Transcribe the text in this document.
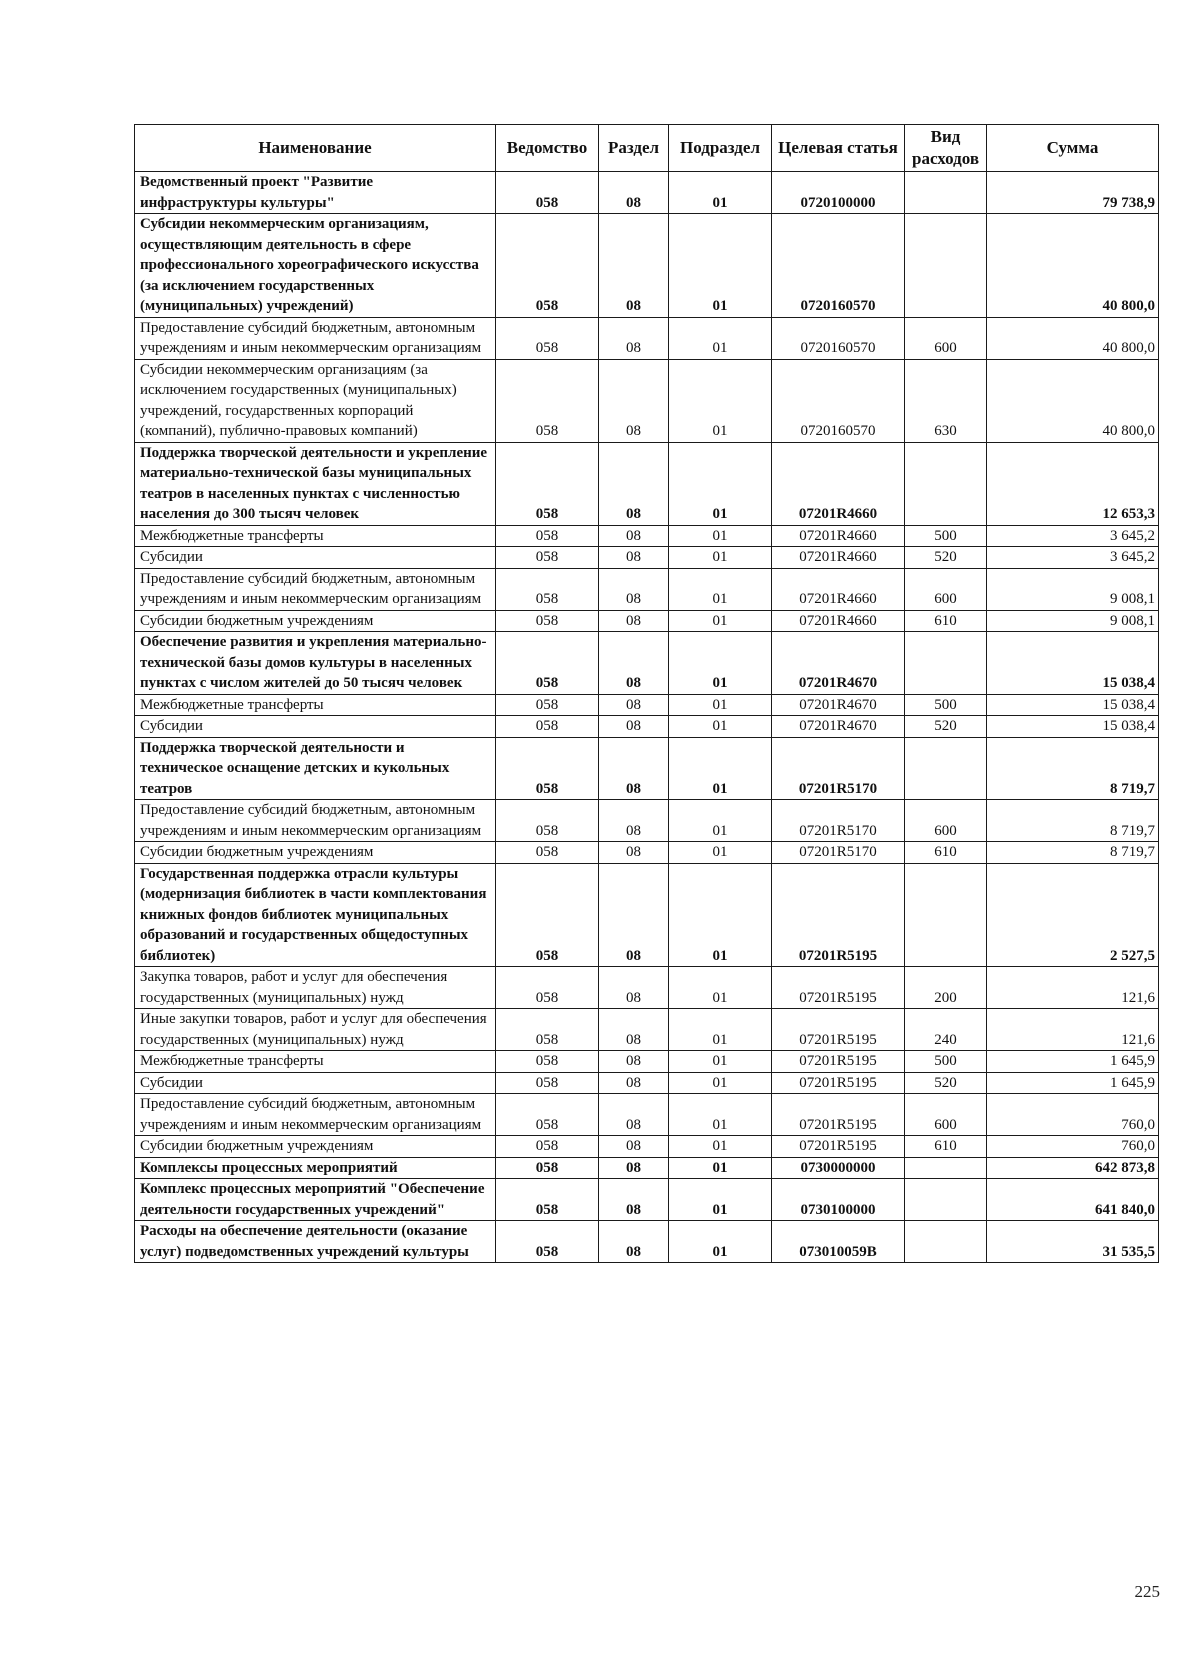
Наименование	Ведомство	Раздел	Подраздел	Целевая статья	Вид расходов	Сумма
Ведомственный проект "Развитие инфраструктуры культуры"	058	08	01	0720100000		79 738,9
Субсидии некоммерческим организациям, осуществляющим деятельность в сфере профессионального хореографического искусства (за исключением государственных (муниципальных) учреждений)	058	08	01	0720160570		40 800,0
Предоставление субсидий бюджетным, автономным учреждениям и иным некоммерческим организациям	058	08	01	0720160570	600	40 800,0
Субсидии некоммерческим организациям (за исключением государственных (муниципальных) учреждений, государственных корпораций (компаний), публично-правовых компаний)	058	08	01	0720160570	630	40 800,0
Поддержка творческой деятельности и укрепление материально-технической базы муниципальных театров в населенных пунктах с численностью населения до 300 тысяч человек	058	08	01	07201R4660		12 653,3
Межбюджетные трансферты	058	08	01	07201R4660	500	3 645,2
Субсидии	058	08	01	07201R4660	520	3 645,2
Предоставление субсидий бюджетным, автономным учреждениям и иным некоммерческим организациям	058	08	01	07201R4660	600	9 008,1
Субсидии бюджетным учреждениям	058	08	01	07201R4660	610	9 008,1
Обеспечение развития и укрепления материально-технической базы домов культуры в населенных пунктах с числом жителей до 50 тысяч человек	058	08	01	07201R4670		15 038,4
Межбюджетные трансферты	058	08	01	07201R4670	500	15 038,4
Субсидии	058	08	01	07201R4670	520	15 038,4
Поддержка творческой деятельности и техническое оснащение детских и кукольных театров	058	08	01	07201R5170		8 719,7
Предоставление субсидий бюджетным, автономным учреждениям и иным некоммерческим организациям	058	08	01	07201R5170	600	8 719,7
Субсидии бюджетным учреждениям	058	08	01	07201R5170	610	8 719,7
Государственная поддержка отрасли культуры (модернизация библиотек в части комплектования книжных фондов библиотек муниципальных образований и государственных общедоступных библиотек)	058	08	01	07201R5195		2 527,5
Закупка товаров, работ и услуг для обеспечения государственных (муниципальных) нужд	058	08	01	07201R5195	200	121,6
Иные закупки товаров, работ и услуг для обеспечения государственных (муниципальных) нужд	058	08	01	07201R5195	240	121,6
Межбюджетные трансферты	058	08	01	07201R5195	500	1 645,9
Субсидии	058	08	01	07201R5195	520	1 645,9
Предоставление субсидий бюджетным, автономным учреждениям и иным некоммерческим организациям	058	08	01	07201R5195	600	760,0
Субсидии бюджетным учреждениям	058	08	01	07201R5195	610	760,0
Комплексы процессных мероприятий	058	08	01	0730000000		642 873,8
Комплекс процессных мероприятий "Обеспечение деятельности государственных учреждений"	058	08	01	0730100000		641 840,0
Расходы на обеспечение деятельности (оказание услуг) подведомственных учреждений культуры	058	08	01	073010059В		31 535,5
225
